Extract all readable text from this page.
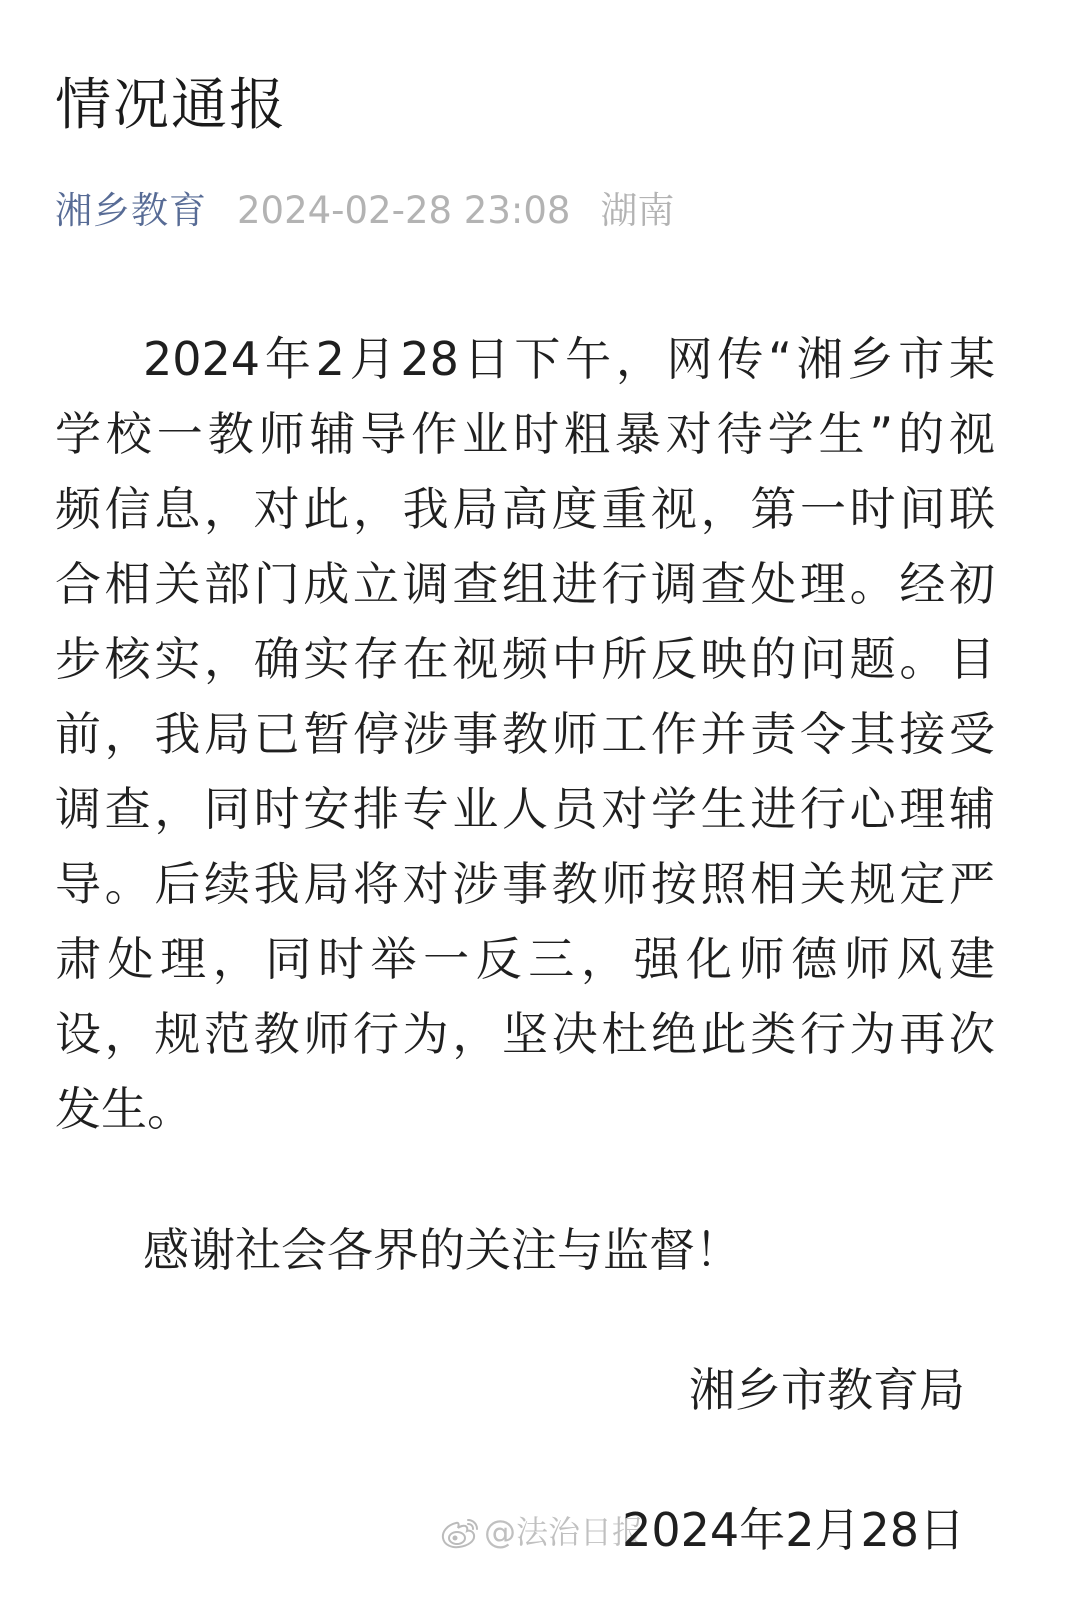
情况通报
湘乡教育 2024-02-28 23:08 湖南
2024年2月28日下午，网传“湘乡市某
学校一教师辅导作业时粗暴对待学生”的视
频信息，对此，我局高度重视，第一时间联
合相关部门成立调查组进行调查处理。经初
步核实，确实存在视频中所反映的问题。目
前，我局已暂停涉事教师工作并责令其接受
调查，同时安排专业人员对学生进行心理辅
导。后续我局将对涉事教师按照相关规定严
肃处理，同时举一反三，强化师德师风建
设，规范教师行为，坚决杜绝此类行为再次
发生。
感谢社会各界的关注与监督！
湘乡市教育局
@法治日报
2024年2月28日
